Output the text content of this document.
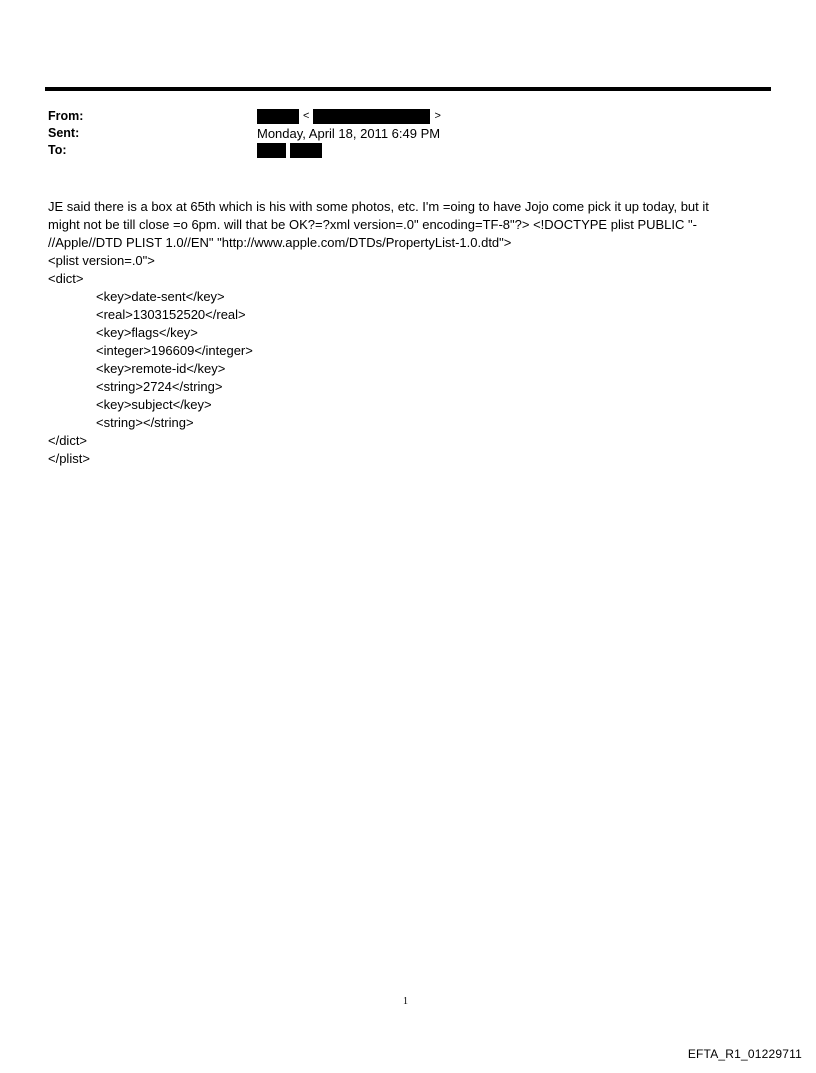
From:	<	>
Sent:	Monday, April 18, 2011 6:49 PM
To:
JE said there is a box at 65th which is his with some photos, etc. I'm =oing to have Jojo come pick it up today, but it
might not be till close =o 6pm. will that be OK?=?xml version=.0" encoding=TF-8"?> <!DOCTYPE plist PUBLIC "-
//Apple//DTD PLIST 1.0//EN" "http://www.apple.com/DTDs/PropertyList-1.0.dtd">
<plist version=.0">
<dict>
<key>date-sent</key>
<real>1303152520</real>
<key>flags</key>
<integer>196609</integer>
<key>remote-id</key>
<string>2724</string>
<key>subject</key>
<string></string>
</dict>
</plist>
1
EFTA_R1_01229711
